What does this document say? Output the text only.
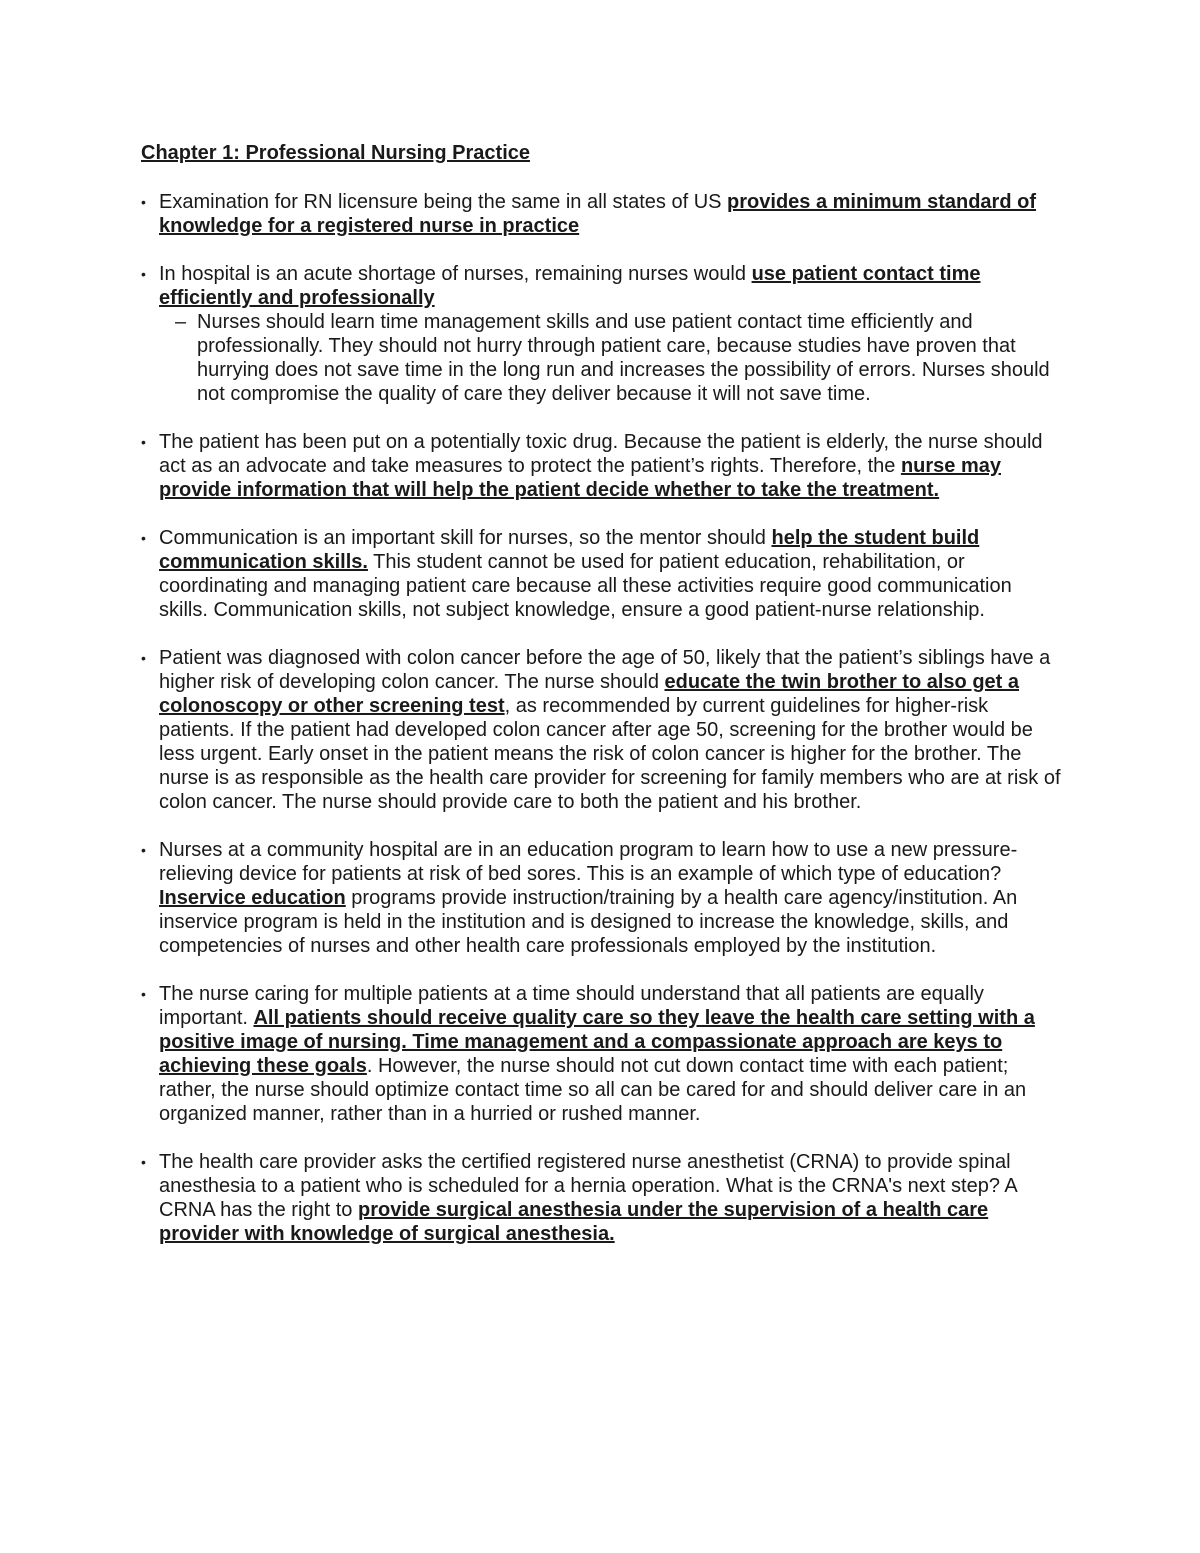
Chapter 1: Professional Nursing Practice
• Examination for RN licensure being the same in all states of US provides a minimum standard of knowledge for a registered nurse in practice
• In hospital is an acute shortage of nurses, remaining nurses would use patient contact time efficiently and professionally
– Nurses should learn time management skills and use patient contact time efficiently and professionally. They should not hurry through patient care, because studies have proven that hurrying does not save time in the long run and increases the possibility of errors. Nurses should not compromise the quality of care they deliver because it will not save time.
• The patient has been put on a potentially toxic drug. Because the patient is elderly, the nurse should act as an advocate and take measures to protect the patient’s rights. Therefore, the nurse may provide information that will help the patient decide whether to take the treatment.
• Communication is an important skill for nurses, so the mentor should help the student build communication skills. This student cannot be used for patient education, rehabilitation, or coordinating and managing patient care because all these activities require good communication skills. Communication skills, not subject knowledge, ensure a good patient-nurse relationship.
• Patient was diagnosed with colon cancer before the age of 50, likely that the patient’s siblings have a higher risk of developing colon cancer. The nurse should educate the twin brother to also get a colonoscopy or other screening test, as recommended by current guidelines for higher-risk patients. If the patient had developed colon cancer after age 50, screening for the brother would be less urgent. Early onset in the patient means the risk of colon cancer is higher for the brother. The nurse is as responsible as the health care provider for screening for family members who are at risk of colon cancer. The nurse should provide care to both the patient and his brother.
• Nurses at a community hospital are in an education program to learn how to use a new pressure-relieving device for patients at risk of bed sores. This is an example of which type of education? Inservice education programs provide instruction/training by a health care agency/institution. An inservice program is held in the institution and is designed to increase the knowledge, skills, and competencies of nurses and other health care professionals employed by the institution.
• The nurse caring for multiple patients at a time should understand that all patients are equally important. All patients should receive quality care so they leave the health care setting with a positive image of nursing. Time management and a compassionate approach are keys to achieving these goals. However, the nurse should not cut down contact time with each patient; rather, the nurse should optimize contact time so all can be cared for and should deliver care in an organized manner, rather than in a hurried or rushed manner.
• The health care provider asks the certified registered nurse anesthetist (CRNA) to provide spinal anesthesia to a patient who is scheduled for a hernia operation. What is the CRNA's next step? A CRNA has the right to provide surgical anesthesia under the supervision of a health care provider with knowledge of surgical anesthesia.
